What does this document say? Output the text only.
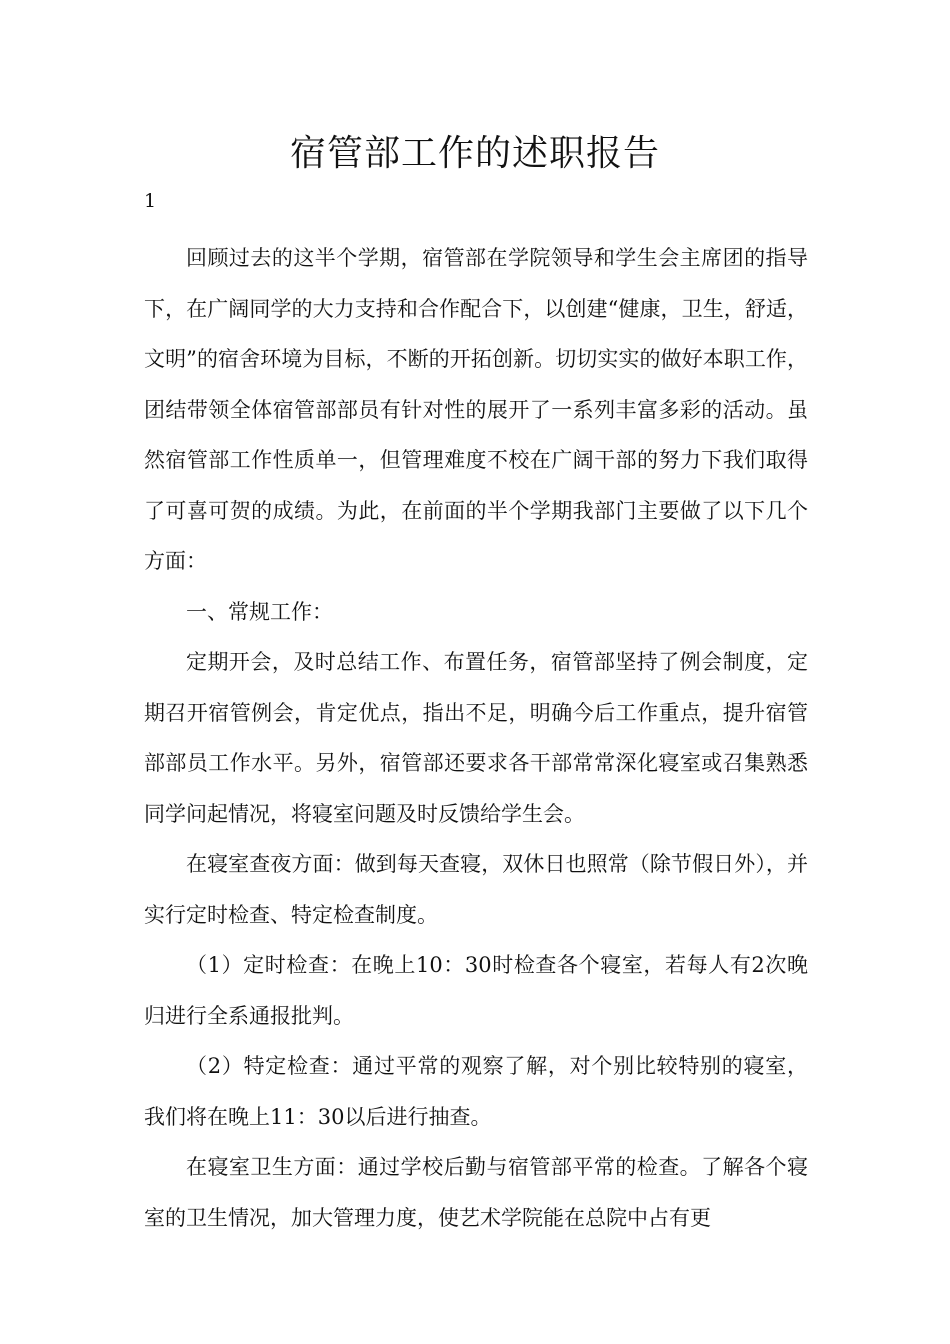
宿管部工作的述职报告
1

回顾过去的这半个学期，宿管部在学院领导和学生会主席团的指导下，在广阔同学的大力支持和合作配合下，以创建“健康，卫生，舒适，文明”的宿舍环境为目标，不断的开拓创新。切切实实的做好本职工作，团结带领全体宿管部部员有针对性的展开了一系列丰富多彩的活动。虽然宿管部工作性质单一，但管理难度不校在广阔干部的努力下我们取得了可喜可贺的成绩。为此，在前面的半个学期我部门主要做了以下几个方面：

一、常规工作：

定期开会，及时总结工作、布置任务，宿管部坚持了例会制度，定期召开宿管例会，肯定优点，指出不足，明确今后工作重点，提升宿管部部员工作水平。另外，宿管部还要求各干部常常深化寝室或召集熟悉同学问起情况，将寝室问题及时反馈给学生会。

在寝室查夜方面：做到每天查寝，双休日也照常（除节假日外），并实行定时检查、特定检查制度。

（1）定时检查：在晚上10：30时检查各个寝室，若每人有2次晚归进行全系通报批判。

（2）特定检查：通过平常的观察了解，对个别比较特别的寝室，我们将在晚上11：30以后进行抽查。

在寝室卫生方面：通过学校后勤与宿管部平常的检查。了解各个寝室的卫生情况，加大管理力度，使艺术学院能在总院中占有更
